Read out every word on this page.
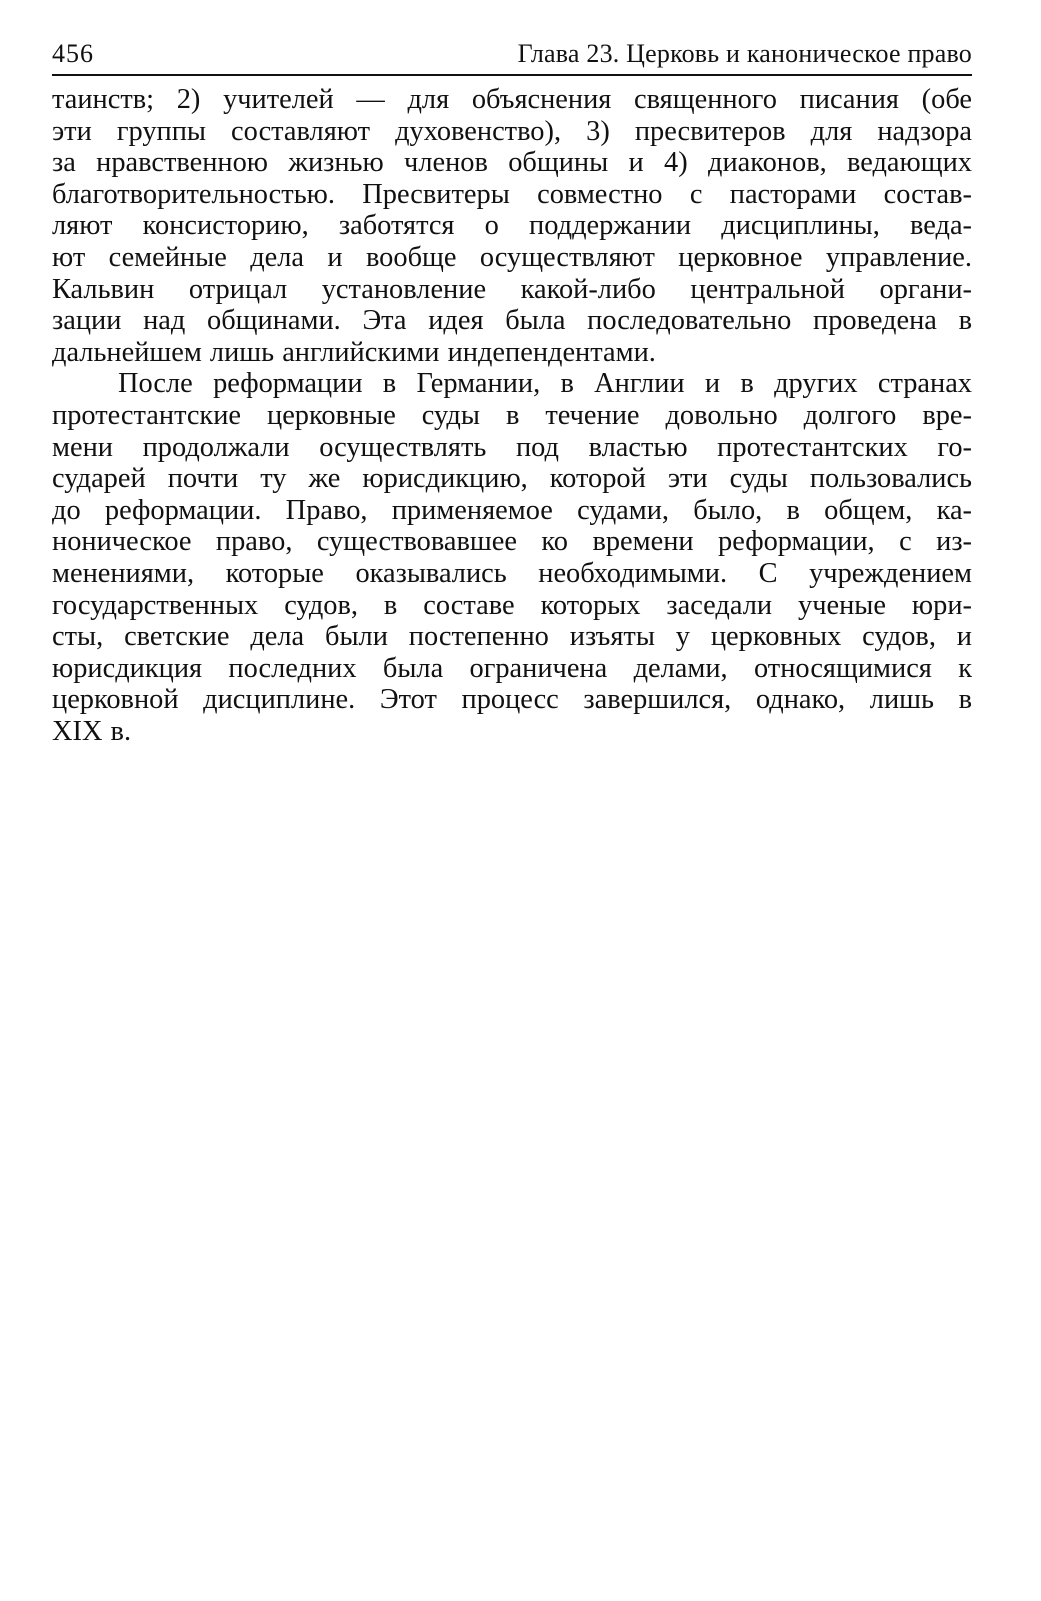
456	Глава 23. Церковь и каноническое право
таинств; 2) учителей — для объяснения священного писания (обе
эти группы составляют духовенство), 3) пресвитеров для надзора
за нравственною жизнью членов общины и 4) диаконов, ведающих
благотворительностью. Пресвитеры совместно с пасторами состав-
ляют консисторию, заботятся о поддержании дисциплины, веда-
ют семейные дела и вообще осуществляют церковное управление.
Кальвин отрицал установление какой-либо центральной органи-
зации над общинами. Эта идея была последовательно проведена в
дальнейшем лишь английскими индепендентами.
После реформации в Германии, в Англии и в других странах
протестантские церковные суды в течение довольно долгого вре-
мени продолжали осуществлять под властью протестантских го-
сударей почти ту же юрисдикцию, которой эти суды пользовались
до реформации. Право, применяемое судами, было, в общем, ка-
ноническое право, существовавшее ко времени реформации, с из-
менениями, которые оказывались необходимыми. С учреждением
государственных судов, в составе которых заседали ученые юри-
сты, светские дела были постепенно изъяты у церковных судов, и
юрисдикция последних была ограничена делами, относящимися к
церковной дисциплине. Этот процесс завершился, однако, лишь в
XIX в.
